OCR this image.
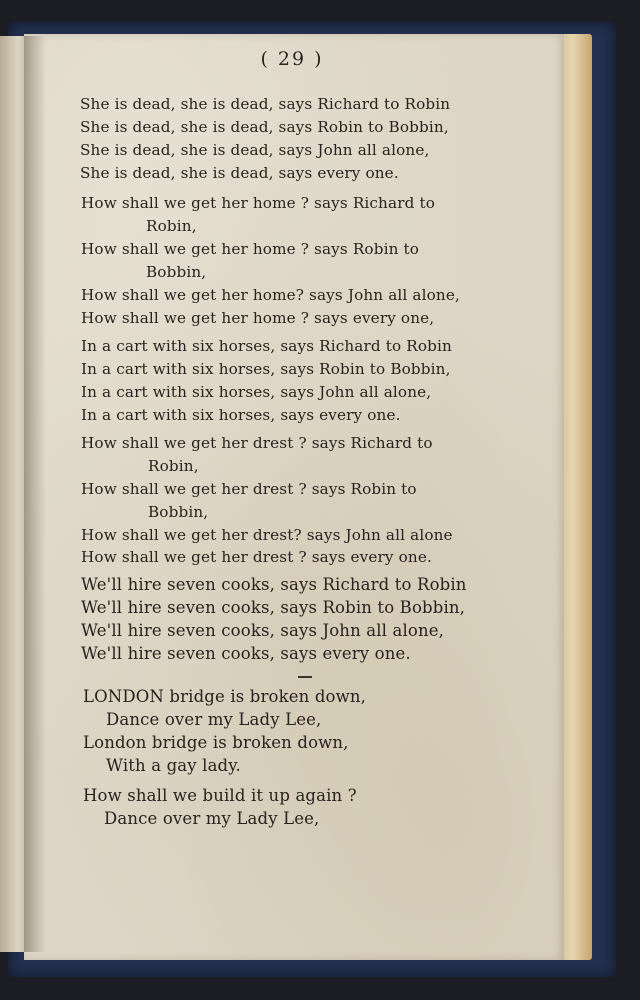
( 29 )
She is dead, she is dead, says Richard to Robin
She is dead, she is dead, says Robin to Bobbin,
She is dead, she is dead, says John all alone,
She is dead, she is dead, says every one.
How shall we get her home ? says Richard to
Robin,
How shall we get her home ? says Robin to
Bobbin,
How shall we get her home? says John all alone,
How shall we get her home ? says every one,
In a cart with six horses, says Richard to Robin
In a cart with six horses, says Robin to Bobbin,
In a cart with six horses, says John all alone,
In a cart with six horses, says every one.
How shall we get her drest ? says Richard to
Robin,
How shall we get her drest ? says Robin to
Bobbin,
How shall we get her drest? says John all alone
How shall we get her drest ? says every one.
We'll hire seven cooks, says Richard to Robin
We'll hire seven cooks, says Robin to Bobbin,
We'll hire seven cooks, says John all alone,
We'll hire seven cooks, says every one.
LONDON bridge is broken down,
Dance over my Lady Lee,
London bridge is broken down,
With a gay lady.
How shall we build it up again ?
Dance over my Lady Lee,
